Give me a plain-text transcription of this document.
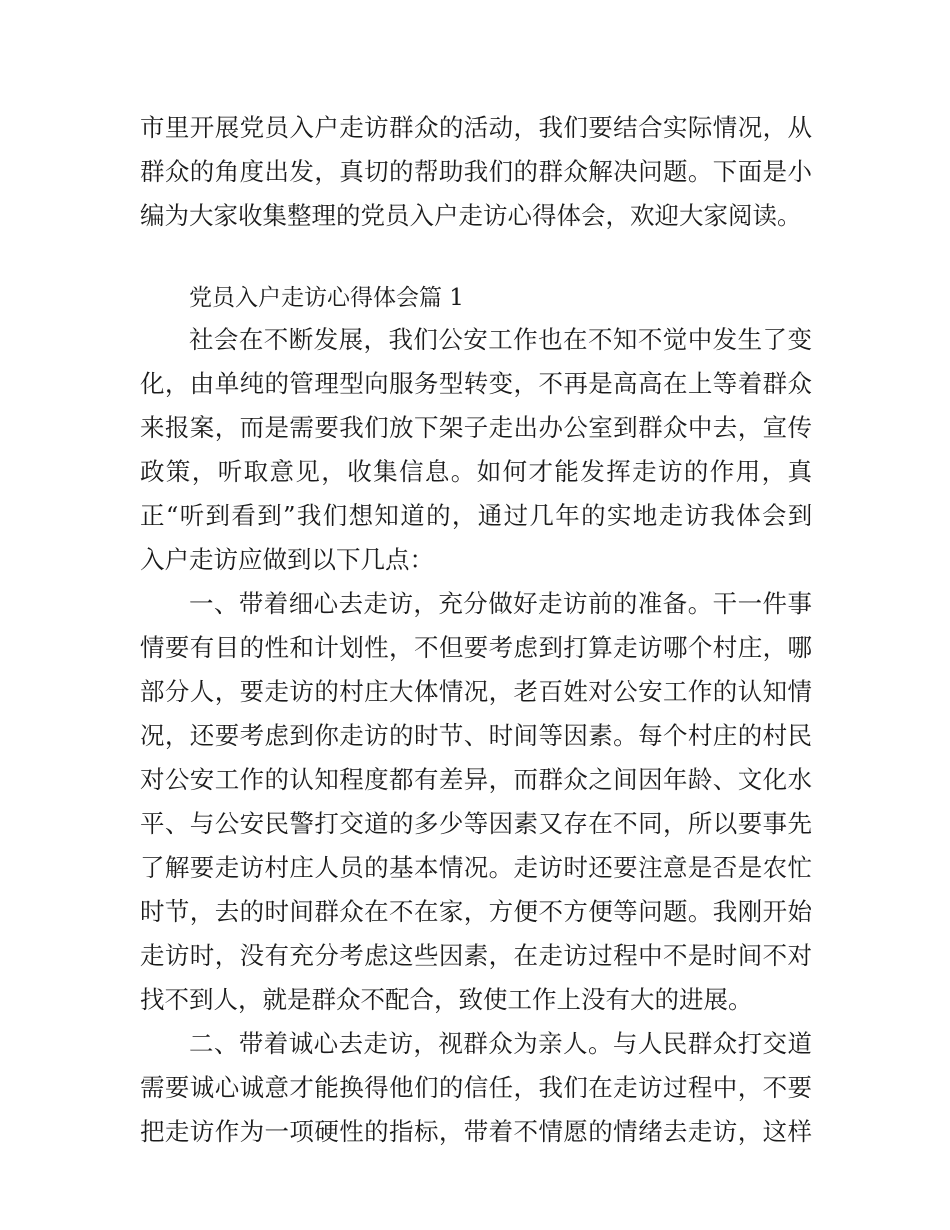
市里开展党员入户走访群众的活动，我们要结合实际情况，从
群众的角度出发，真切的帮助我们的群众解决问题。下面是小
编为大家收集整理的党员入户走访心得体会，欢迎大家阅读。
党员入户走访心得体会篇 1
社会在不断发展，我们公安工作也在不知不觉中发生了变
化，由单纯的管理型向服务型转变，不再是高高在上等着群众
来报案，而是需要我们放下架子走出办公室到群众中去，宣传
政策，听取意见，收集信息。如何才能发挥走访的作用，真
正“听到看到”我们想知道的，通过几年的实地走访我体会到
入户走访应做到以下几点：
一、带着细心去走访，充分做好走访前的准备。干一件事
情要有目的性和计划性，不但要考虑到打算走访哪个村庄，哪
部分人，要走访的村庄大体情况，老百姓对公安工作的认知情
况，还要考虑到你走访的时节、时间等因素。每个村庄的村民
对公安工作的认知程度都有差异，而群众之间因年龄、文化水
平、与公安民警打交道的多少等因素又存在不同，所以要事先
了解要走访村庄人员的基本情况。走访时还要注意是否是农忙
时节，去的时间群众在不在家，方便不方便等问题。我刚开始
走访时，没有充分考虑这些因素，在走访过程中不是时间不对
找不到人，就是群众不配合，致使工作上没有大的进展。
二、带着诚心去走访，视群众为亲人。与人民群众打交道
需要诚心诚意才能换得他们的信任，我们在走访过程中，不要
把走访作为一项硬性的指标，带着不情愿的情绪去走访，这样
